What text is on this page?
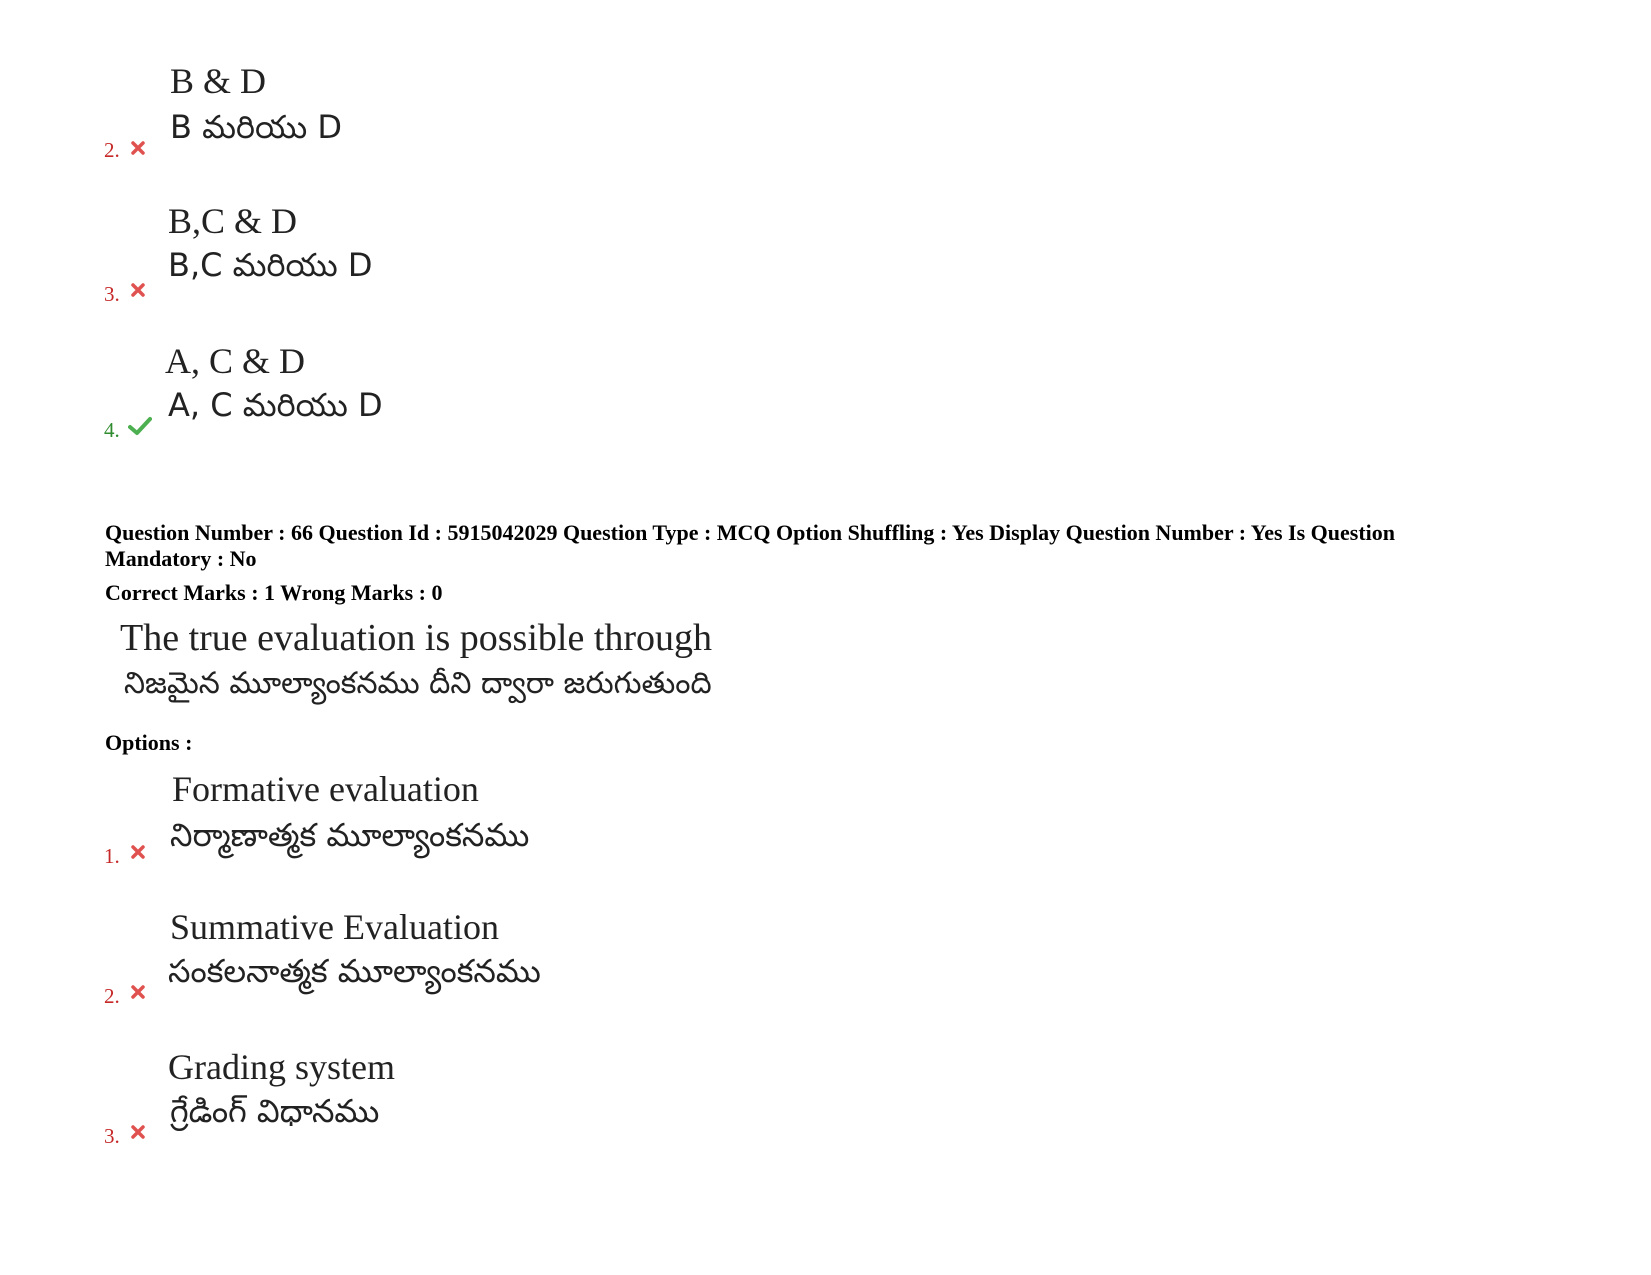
B & D
B మరియు D
2.
B,C & D
B,C మరియు D
3.
A, C & D
A, C మరియు D
4.
Question Number : 66 Question Id : 5915042029 Question Type : MCQ Option Shuffling : Yes Display Question Number : Yes Is Question
Mandatory : No
Correct Marks : 1 Wrong Marks : 0
The true evaluation is possible through
నిజమైన మూల్యాంకనము దీని ద్వారా జరుగుతుంది
Options :
Formative evaluation
నిర్మాణాత్మక మూల్యాంకనము
1.
Summative Evaluation
సంకలనాత్మక మూల్యాంకనము
2.
Grading system
గ్రేడింగ్ విధానము
3.
